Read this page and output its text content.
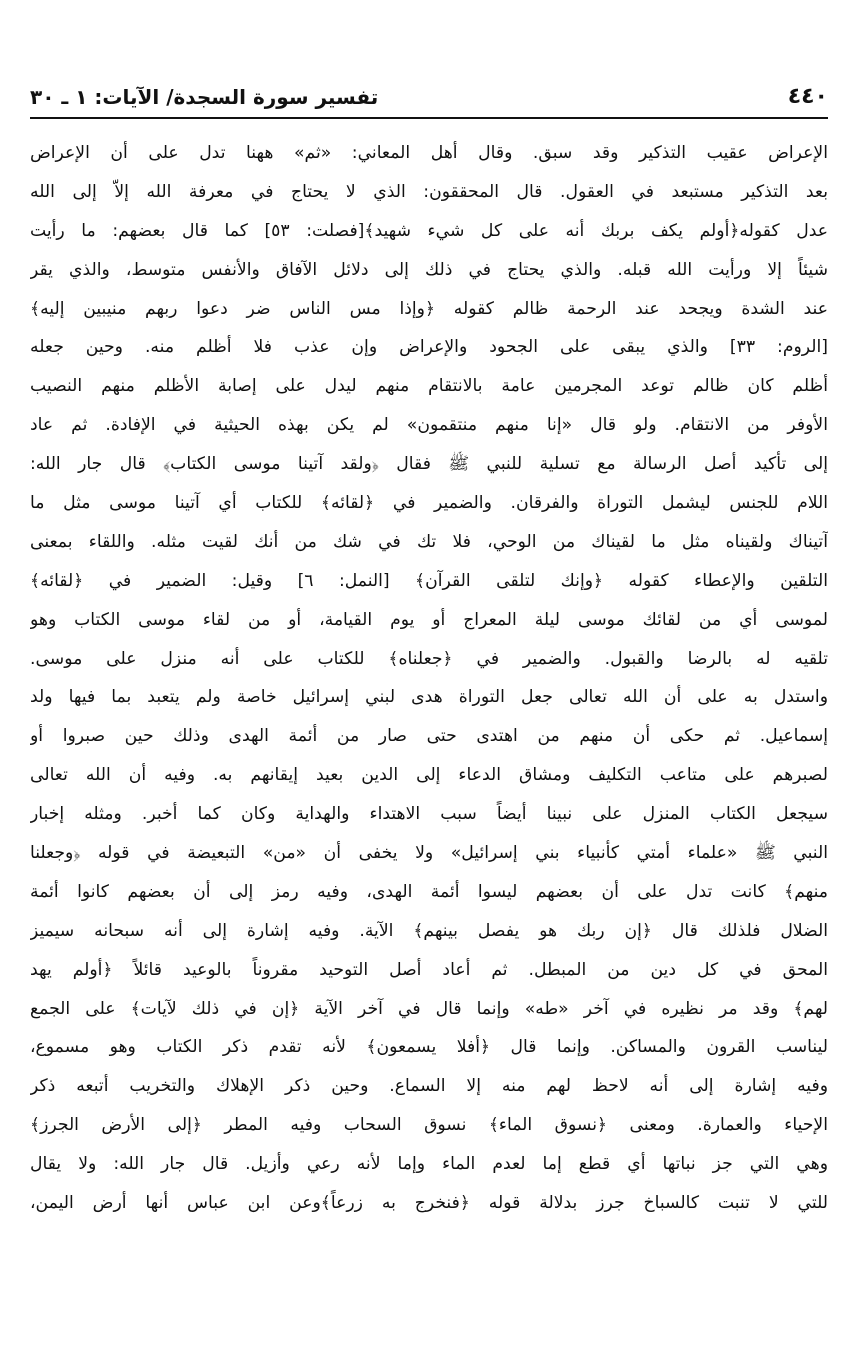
٤٤٠
تفسير سورة السجدة/ الآيات: ١ ـ ٣٠
الإعراض عقيب التذكير وقد سبق. وقال أهل المعاني: «ثم» ههنا تدل على أن الإعراض
بعد التذكير مستبعد في العقول. قال المحققون: الذي لا يحتاج في معرفة الله إلاّ إلى الله
عدل كقوله﴿أولم يكف بربك أنه على كل شيء شهيد﴾[فصلت: ٥٣] كما قال بعضهم: ما رأيت
شيئاً إلا ورأيت الله قبله. والذي يحتاج في ذلك إلى دلائل الآفاق والأنفس متوسط، والذي يقر
عند الشدة ويجحد عند الرحمة ظالم كقوله ﴿وإذا مس الناس ضر دعوا ربهم منيبين إليه﴾
[الروم: ٣٣] والذي يبقى على الجحود والإعراض وإن عذب فلا أظلم منه. وحين جعله
أظلم كان ظالم توعد المجرمين عامة بالانتقام منهم ليدل على إصابة الأظلم منهم النصيب
الأوفر من الانتقام. ولو قال «إنا منهم منتقمون» لم يكن بهذه الحيثية في الإفادة. ثم عاد
إلى تأكيد أصل الرسالة مع تسلية للنبي ﷺ فقال ﴿ولقد آتينا موسى الكتاب﴾ قال جار الله:
اللام للجنس ليشمل التوراة والفرقان. والضمير في ﴿لقائه﴾ للكتاب أي آتينا موسى مثل ما
آتيناك ولقيناه مثل ما لقيناك من الوحي، فلا تك في شك من أنك لقيت مثله. واللقاء بمعنى
التلقين والإعطاء كقوله ﴿وإنك لتلقى القرآن﴾ [النمل: ٦] وقيل: الضمير في ﴿لقائه﴾
لموسى أي من لقائك موسى ليلة المعراج أو يوم القيامة، أو من لقاء موسى الكتاب وهو
تلقيه له بالرضا والقبول. والضمير في ﴿جعلناه﴾ للكتاب على أنه منزل على موسى.
واستدل به على أن الله تعالى جعل التوراة هدى لبني إسرائيل خاصة ولم يتعبد بما فيها ولد
إسماعيل. ثم حكى أن منهم من اهتدى حتى صار من أئمة الهدى وذلك حين صبروا أو
لصبرهم على متاعب التكليف ومشاق الدعاء إلى الدين بعيد إيقانهم به. وفيه أن الله تعالى
سيجعل الكتاب المنزل على نبينا أيضاً سبب الاهتداء والهداية وكان كما أخبر. ومثله إخبار
النبي ﷺ «علماء أمتي كأنبياء بني إسرائيل» ولا يخفى أن «من» التبعيضة في قوله ﴿وجعلنا
منهم﴾ كانت تدل على أن بعضهم ليسوا أئمة الهدى، وفيه رمز إلى أن بعضهم كانوا أئمة
الضلال فلذلك قال ﴿إن ربك هو يفصل بينهم﴾ الآية. وفيه إشارة إلى أنه سبحانه سيميز
المحق في كل دين من المبطل. ثم أعاد أصل التوحيد مقروناً بالوعيد قائلاً ﴿أولم يهد
لهم﴾ وقد مر نظيره في آخر «طه» وإنما قال في آخر الآية ﴿إن في ذلك لآيات﴾ على الجمع
ليناسب القرون والمساكن. وإنما قال ﴿أفلا يسمعون﴾ لأنه تقدم ذكر الكتاب وهو مسموع،
وفيه إشارة إلى أنه لاحظ لهم منه إلا السماع. وحين ذكر الإهلاك والتخريب أتبعه ذكر
الإحياء والعمارة. ومعنى ﴿نسوق الماء﴾ نسوق السحاب وفيه المطر ﴿إلى الأرض الجرز﴾
وهي التي جز نباتها أي قطع إما لعدم الماء وإما لأنه رعي وأزيل. قال جار الله: ولا يقال
للتي لا تنبت كالسباخ جرز بدلالة قوله ﴿فنخرج به زرعاً﴾وعن ابن عباس أنها أرض اليمن،
